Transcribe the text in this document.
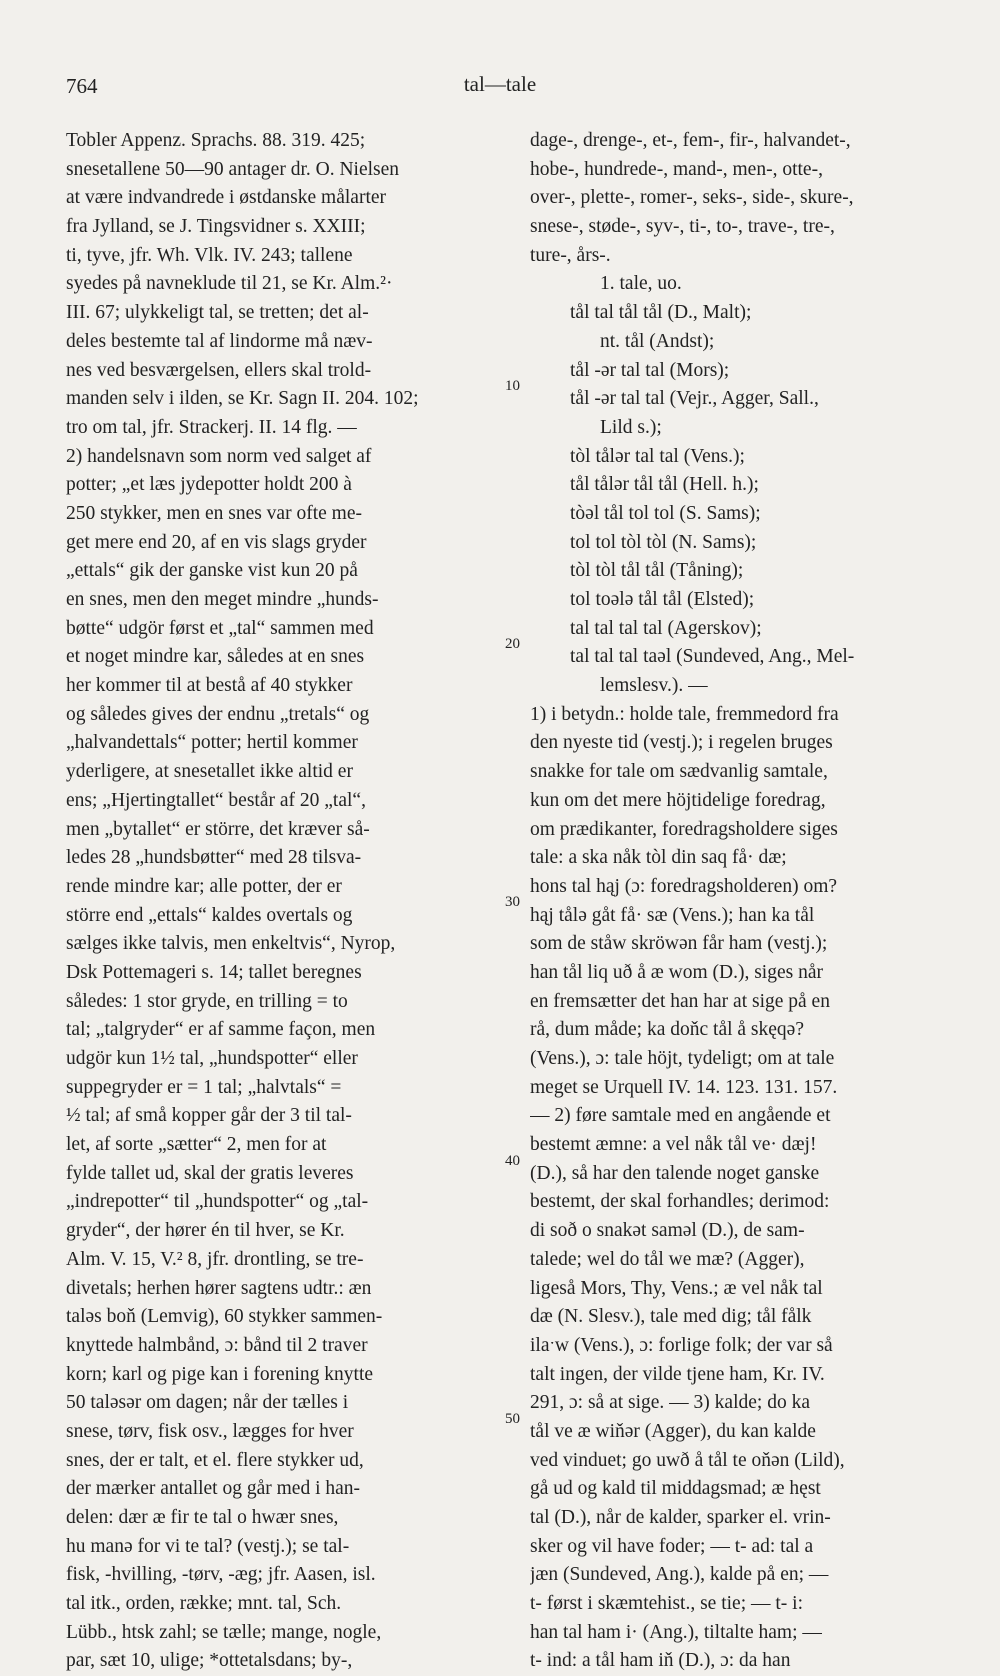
764	tal—tale
Tobler Appenz. Sprachs. 88. 319. 425;
snesetallene 50—90 antager dr. O. Nielsen
at være indvandrede i østdanske målarter
fra Jylland, se J. Tingsvidner s. XXIII;
ti, tyve, jfr. Wh. Vlk. IV. 243; tallene
syedes på navneklude til 21, se Kr. Alm.²·
III. 67; ulykkeligt tal, se tretten; det al-
deles bestemte tal af lindorme må næv-
nes ved besværgelsen, ellers skal trold-
manden selv i ilden, se Kr. Sagn II. 204. 102;
tro om tal, jfr. Strackerj. II. 14 flg. —
2) handelsnavn som norm ved salget af
potter; „et læs jydepotter holdt 200 à
250 stykker, men en snes var ofte me-
get mere end 20, af en vis slags gryder
„ettals“ gik der ganske vist kun 20 på
en snes, men den meget mindre „hunds-
bøtte“ udgör først et „tal“ sammen med
et noget mindre kar, således at en snes
her kommer til at bestå af 40 stykker
og således gives der endnu „tretals“ og
„halvandettals“ potter; hertil kommer
yderligere, at snesetallet ikke altid er
ens; „Hjertingtallet“ består af 20 „tal“,
men „bytallet“ er större, det kræver så-
ledes 28 „hundsbøtter“ med 28 tilsva-
rende mindre kar; alle potter, der er
större end „ettals“ kaldes overtals og
sælges ikke talvis, men enkeltvis“, Nyrop,
Dsk Pottemageri s. 14; tallet beregnes
således: 1 stor gryde, en trilling = to
tal; „talgryder“ er af samme façon, men
udgör kun 1½ tal, „hundspotter“ eller
suppegryder er = 1 tal; „halvtals“ =
½ tal; af små kopper går der 3 til tal-
let, af sorte „sætter“ 2, men for at
fylde tallet ud, skal der gratis leveres
„indrepotter“ til „hundspotter“ og „tal-
gryder“, der hører én til hver, se Kr.
Alm. V. 15, V.² 8, jfr. drontling, se tre-
divetals; herhen hører sagtens udtr.: æn
taləs boň (Lemvig), 60 stykker sammen-
knyttede halmbånd, ɔ: bånd til 2 traver
korn; karl og pige kan i forening knytte
50 taləsər om dagen; når der tælles i
snese, tørv, fisk osv., lægges for hver
snes, der er talt, et el. flere stykker ud,
der mærker antallet og går med i han-
delen: dær æ fir te tal o hwær snes,
hu manə for vi te tal? (vestj.); se tal-
fisk, -hvilling, -tørv, -æg; jfr. Aasen, isl.
tal itk., orden, række; mnt. tal, Sch.
Lübb., htsk zahl; se tælle; mange, nogle,
par, sæt 10, ulige; *ottetalsdans; by-,
dage-, drenge-, et-, fem-, fir-, halvandet-,
hobe-, hundrede-, mand-, men-, otte-,
over-, plette-, romer-, seks-, side-, skure-,
snese-, støde-, syv-, ti-, to-, trave-, tre-,
ture-, års-.
1. tale, uo.
tål tal tål tål (D., Malt);
nt. tål (Andst);
tål -ər tal tal (Mors);
tål -ər tal tal (Vejr., Agger, Sall.,
Lild s.);
tòl tålər tal tal (Vens.);
tål tålər tål tål (Hell. h.);
tòəl tål tol tol (S. Sams);
tol tol tòl tòl (N. Sams);
tòl tòl tål tål (Tåning);
tol toələ tål tål (Elsted);
tal tal tal tal (Agerskov);
tal tal tal taəl (Sundeved, Ang., Mel-
lemslesv.). —
1) i betydn.: holde tale, fremmedord fra
den nyeste tid (vestj.); i regelen bruges
snakke for tale om sædvanlig samtale,
kun om det mere höjtidelige foredrag,
om prædikanter, foredragsholdere siges
tale: a ska nåk tòl din saq få· dæ;
hons tal hąj (ɔ: foredragsholderen) om?
hąj tålə gåt få· sæ (Vens.); han ka tål
som de ståw skröwən får ham (vestj.);
han tål liq uð å æ wom (D.), siges når
en fremsætter det han har at sige på en
rå, dum måde; ka doňc tål å skęqə?
(Vens.), ɔ: tale höjt, tydeligt; om at tale
meget se Urquell IV. 14. 123. 131. 157.
— 2) føre samtale med en angående et
bestemt æmne: a vel nåk tål ve· dæj!
(D.), så har den talende noget ganske
bestemt, der skal forhandles; derimod:
di soð o snakət saməl (D.), de sam-
talede; wel do tål we mæ? (Agger),
ligeså Mors, Thy, Vens.; æ vel nåk tal
dæ (N. Slesv.), tale med dig; tål fålk
ilaˑw (Vens.), ɔ: forlige folk; der var så
talt ingen, der vilde tjene ham, Kr. IV.
291, ɔ: så at sige. — 3) kalde; do ka
tål ve æ wiňər (Agger), du kan kalde
ved vinduet; go uwð å tål te oňən (Lild),
gå ud og kald til middagsmad; æ hęst
tal (D.), når de kalder, sparker el. vrin-
sker og vil have foder; — t- ad: tal a
jæn (Sundeved, Ang.), kalde på en; —
t- først i skæmtehist., se tie; — t- i:
han tal ham i· (Ang.), tiltalte ham; —
t- ind: a tål ham iň (D.), ɔ: da han
10
20
30
40
50
